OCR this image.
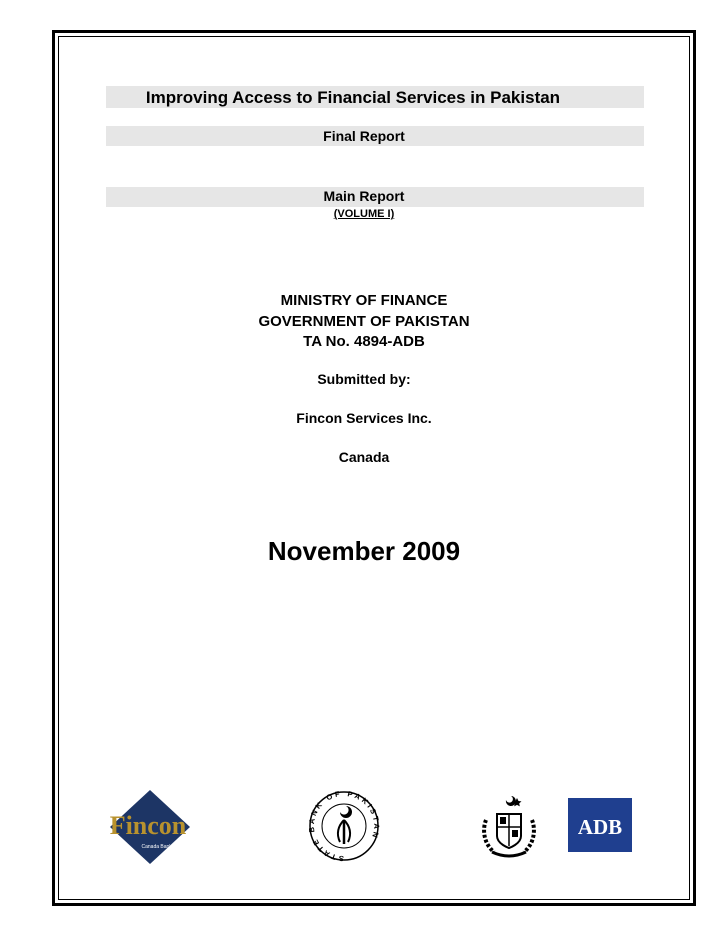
Improving Access to Financial Services in Pakistan
Final Report
Main Report
(VOLUME I)
MINISTRY OF FINANCE
GOVERNMENT OF PAKISTAN
TA No. 4894-ADB
Submitted by:
Fincon Services Inc.
Canada
November 2009
Fincon
Canada Banking
STATE BANK OF PAKISTAN	ADB
